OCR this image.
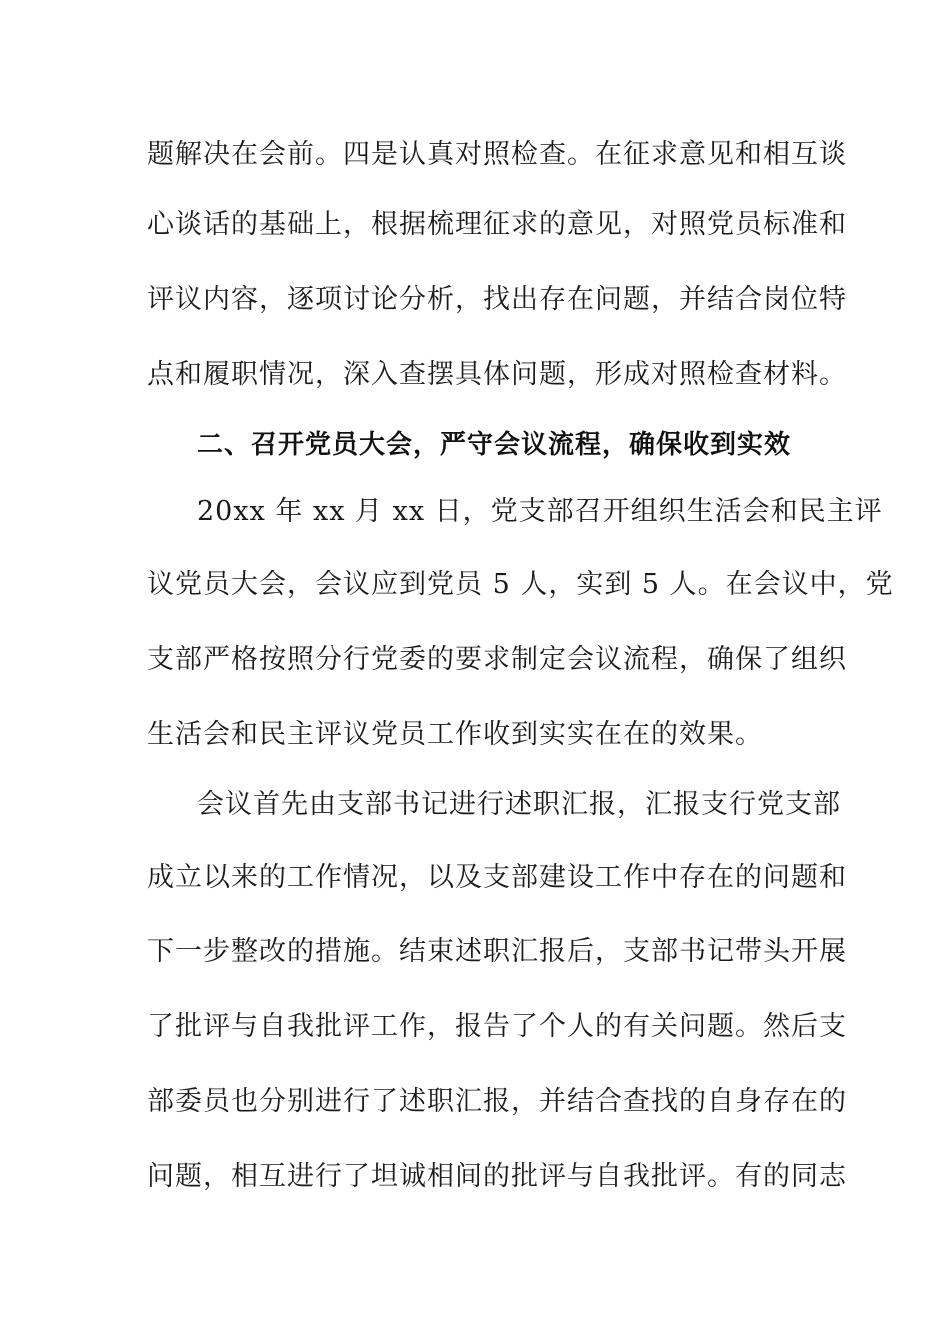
题解决在会前。四是认真对照检查。在征求意见和相互谈
心谈话的基础上，根据梳理征求的意见，对照党员标准和
评议内容，逐项讨论分析，找出存在问题，并结合岗位特
点和履职情况，深入查摆具体问题，形成对照检查材料。
二、召开党员大会，严守会议流程，确保收到实效
20xx 年 xx 月 xx 日，党支部召开组织生活会和民主评
议党员大会，会议应到党员 5 人，实到 5 人。在会议中，党
支部严格按照分行党委的要求制定会议流程，确保了组织
生活会和民主评议党员工作收到实实在在的效果。
会议首先由支部书记进行述职汇报，汇报支行党支部
成立以来的工作情况，以及支部建设工作中存在的问题和
下一步整改的措施。结束述职汇报后，支部书记带头开展
了批评与自我批评工作，报告了个人的有关问题。然后支
部委员也分别进行了述职汇报，并结合查找的自身存在的
问题，相互进行了坦诚相间的批评与自我批评。有的同志
